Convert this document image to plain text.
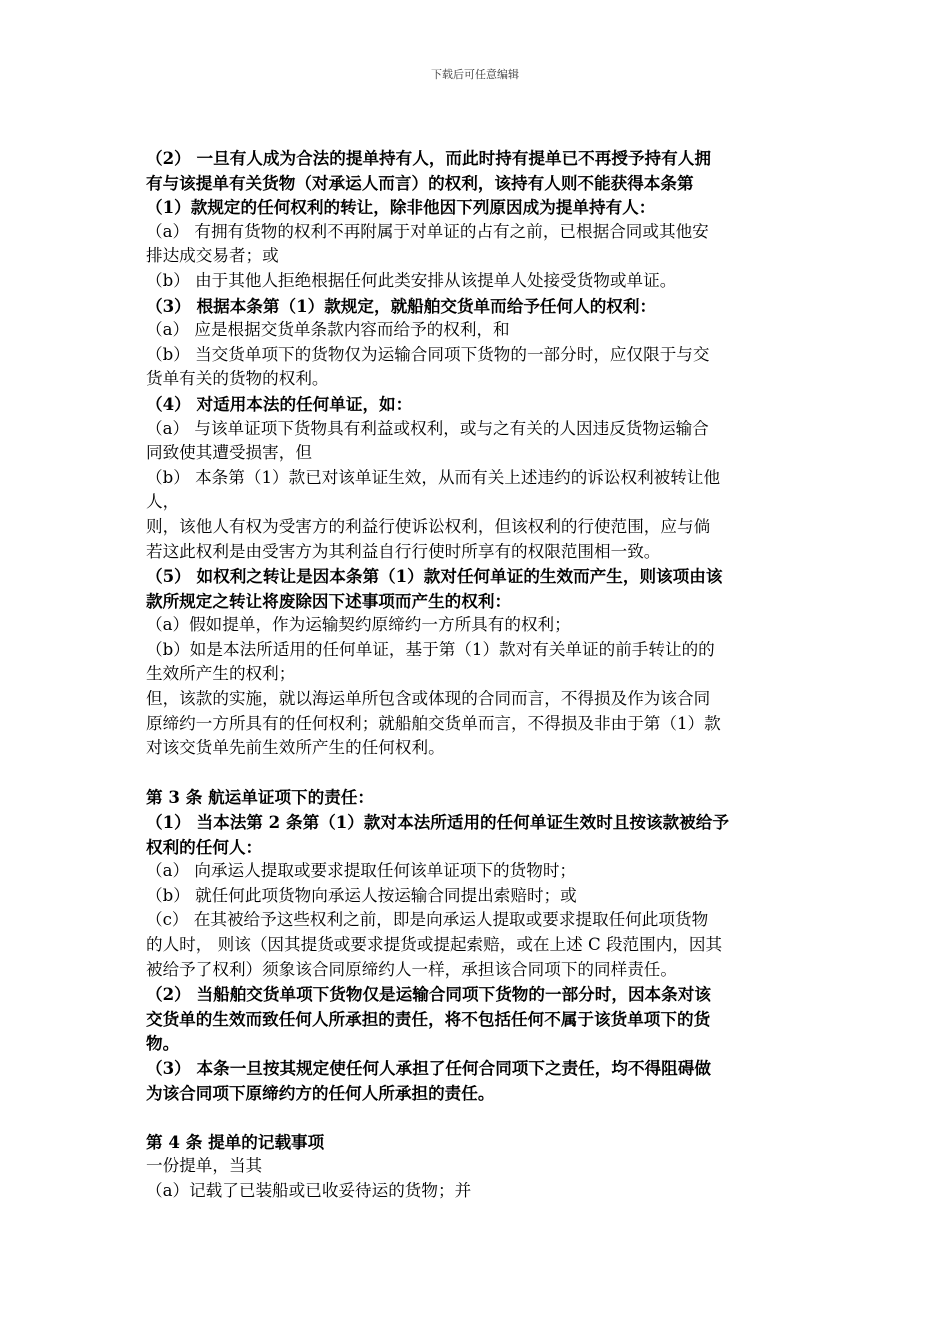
下载后可任意编辑
（2） 一旦有人成为合法的提单持有人，而此时持有提单已不再授予持有人拥
有与该提单有关货物（对承运人而言）的权利，该持有人则不能获得本条第
（1）款规定的任何权利的转让，除非他因下列原因成为提单持有人：
（a） 有拥有货物的权利不再附属于对单证的占有之前，已根据合同或其他安
排达成交易者；或
（b） 由于其他人拒绝根据任何此类安排从该提单人处接受货物或单证。
（3） 根据本条第（1）款规定，就船舶交货单而给予任何人的权利：
（a） 应是根据交货单条款内容而给予的权利，和
（b） 当交货单项下的货物仅为运输合同项下货物的一部分时，应仅限于与交
货单有关的货物的权利。
（4） 对适用本法的任何单证，如：
（a） 与该单证项下货物具有利益或权利，或与之有关的人因违反货物运输合
同致使其遭受损害，但
（b） 本条第（1）款已对该单证生效，从而有关上述违约的诉讼权利被转让他
人，
则，该他人有权为受害方的利益行使诉讼权利，但该权利的行使范围，应与倘
若这此权利是由受害方为其利益自行行使时所享有的权限范围相一致。
（5） 如权利之转让是因本条第（1）款对任何单证的生效而产生，则该项由该
款所规定之转让将废除因下述事项而产生的权利：
（a）假如提单，作为运输契约原缔约一方所具有的权利；
（b）如是本法所适用的任何单证，基于第（1）款对有关单证的前手转让的的
生效所产生的权利；
但，该款的实施，就以海运单所包含或体现的合同而言，不得损及作为该合同
原缔约一方所具有的任何权利；就船舶交货单而言，不得损及非由于第（1）款
对该交货单先前生效所产生的任何权利。
第 3 条 航运单证项下的责任：
（1） 当本法第 2 条第（1）款对本法所适用的任何单证生效时且按该款被给予
权利的任何人：
（a） 向承运人提取或要求提取任何该单证项下的货物时；
（b） 就任何此项货物向承运人按运输合同提出索赔时；或
（c） 在其被给予这些权利之前，即是向承运人提取或要求提取任何此项货物
的人时， 则该（因其提货或要求提货或提起索赔，或在上述 C 段范围内，因其
被给予了权利）须象该合同原缔约人一样，承担该合同项下的同样责任。
（2） 当船舶交货单项下货物仅是运输合同项下货物的一部分时，因本条对该
交货单的生效而致任何人所承担的责任，将不包括任何不属于该货单项下的货
物。
（3） 本条一旦按其规定使任何人承担了任何合同项下之责任，均不得阻碍做
为该合同项下原缔约方的任何人所承担的责任。
第 4 条 提单的记载事项
一份提单，当其
（a）记载了已装船或已收妥待运的货物；并
